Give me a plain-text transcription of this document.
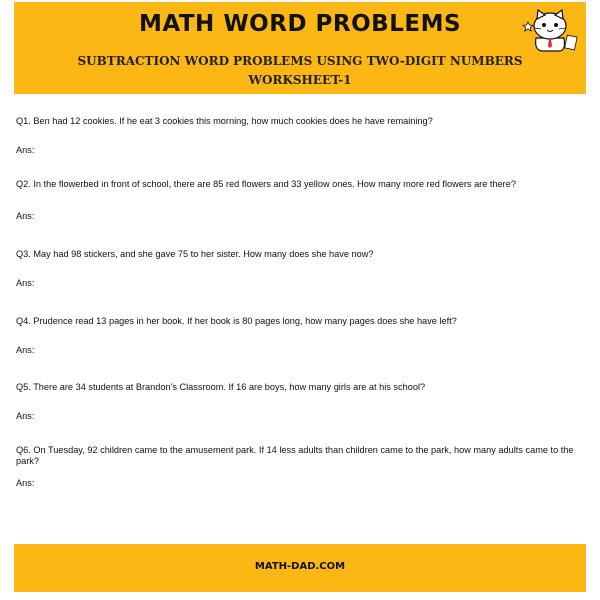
MATH WORD PROBLEMS
SUBTRACTION WORD PROBLEMS USING TWO-DIGIT NUMBERS
WORKSHEET-1
Q1. Ben had 12 cookies. If he eat 3 cookies this morning, how much cookies does he have remaining?
Ans:
Q2. In the flowerbed in front of school, there are 85 red flowers and 33 yellow ones. How many more red flowers are there?
Ans:
Q3. May had 98 stickers, and she gave 75 to her sister. How many does she have now?
Ans:
Q4. Prudence read 13 pages in her book. If her book is 80 pages long, how many pages does she have left?
Ans:
Q5. There are 34 students at Brandon's Classroom. If 16 are boys, how many girls are at his school?
Ans:
Q6. On Tuesday, 92 children came to the amusement park. If 14 less adults than children came to the park, how many adults came to the park?
Ans:
MATH-DAD.COM
